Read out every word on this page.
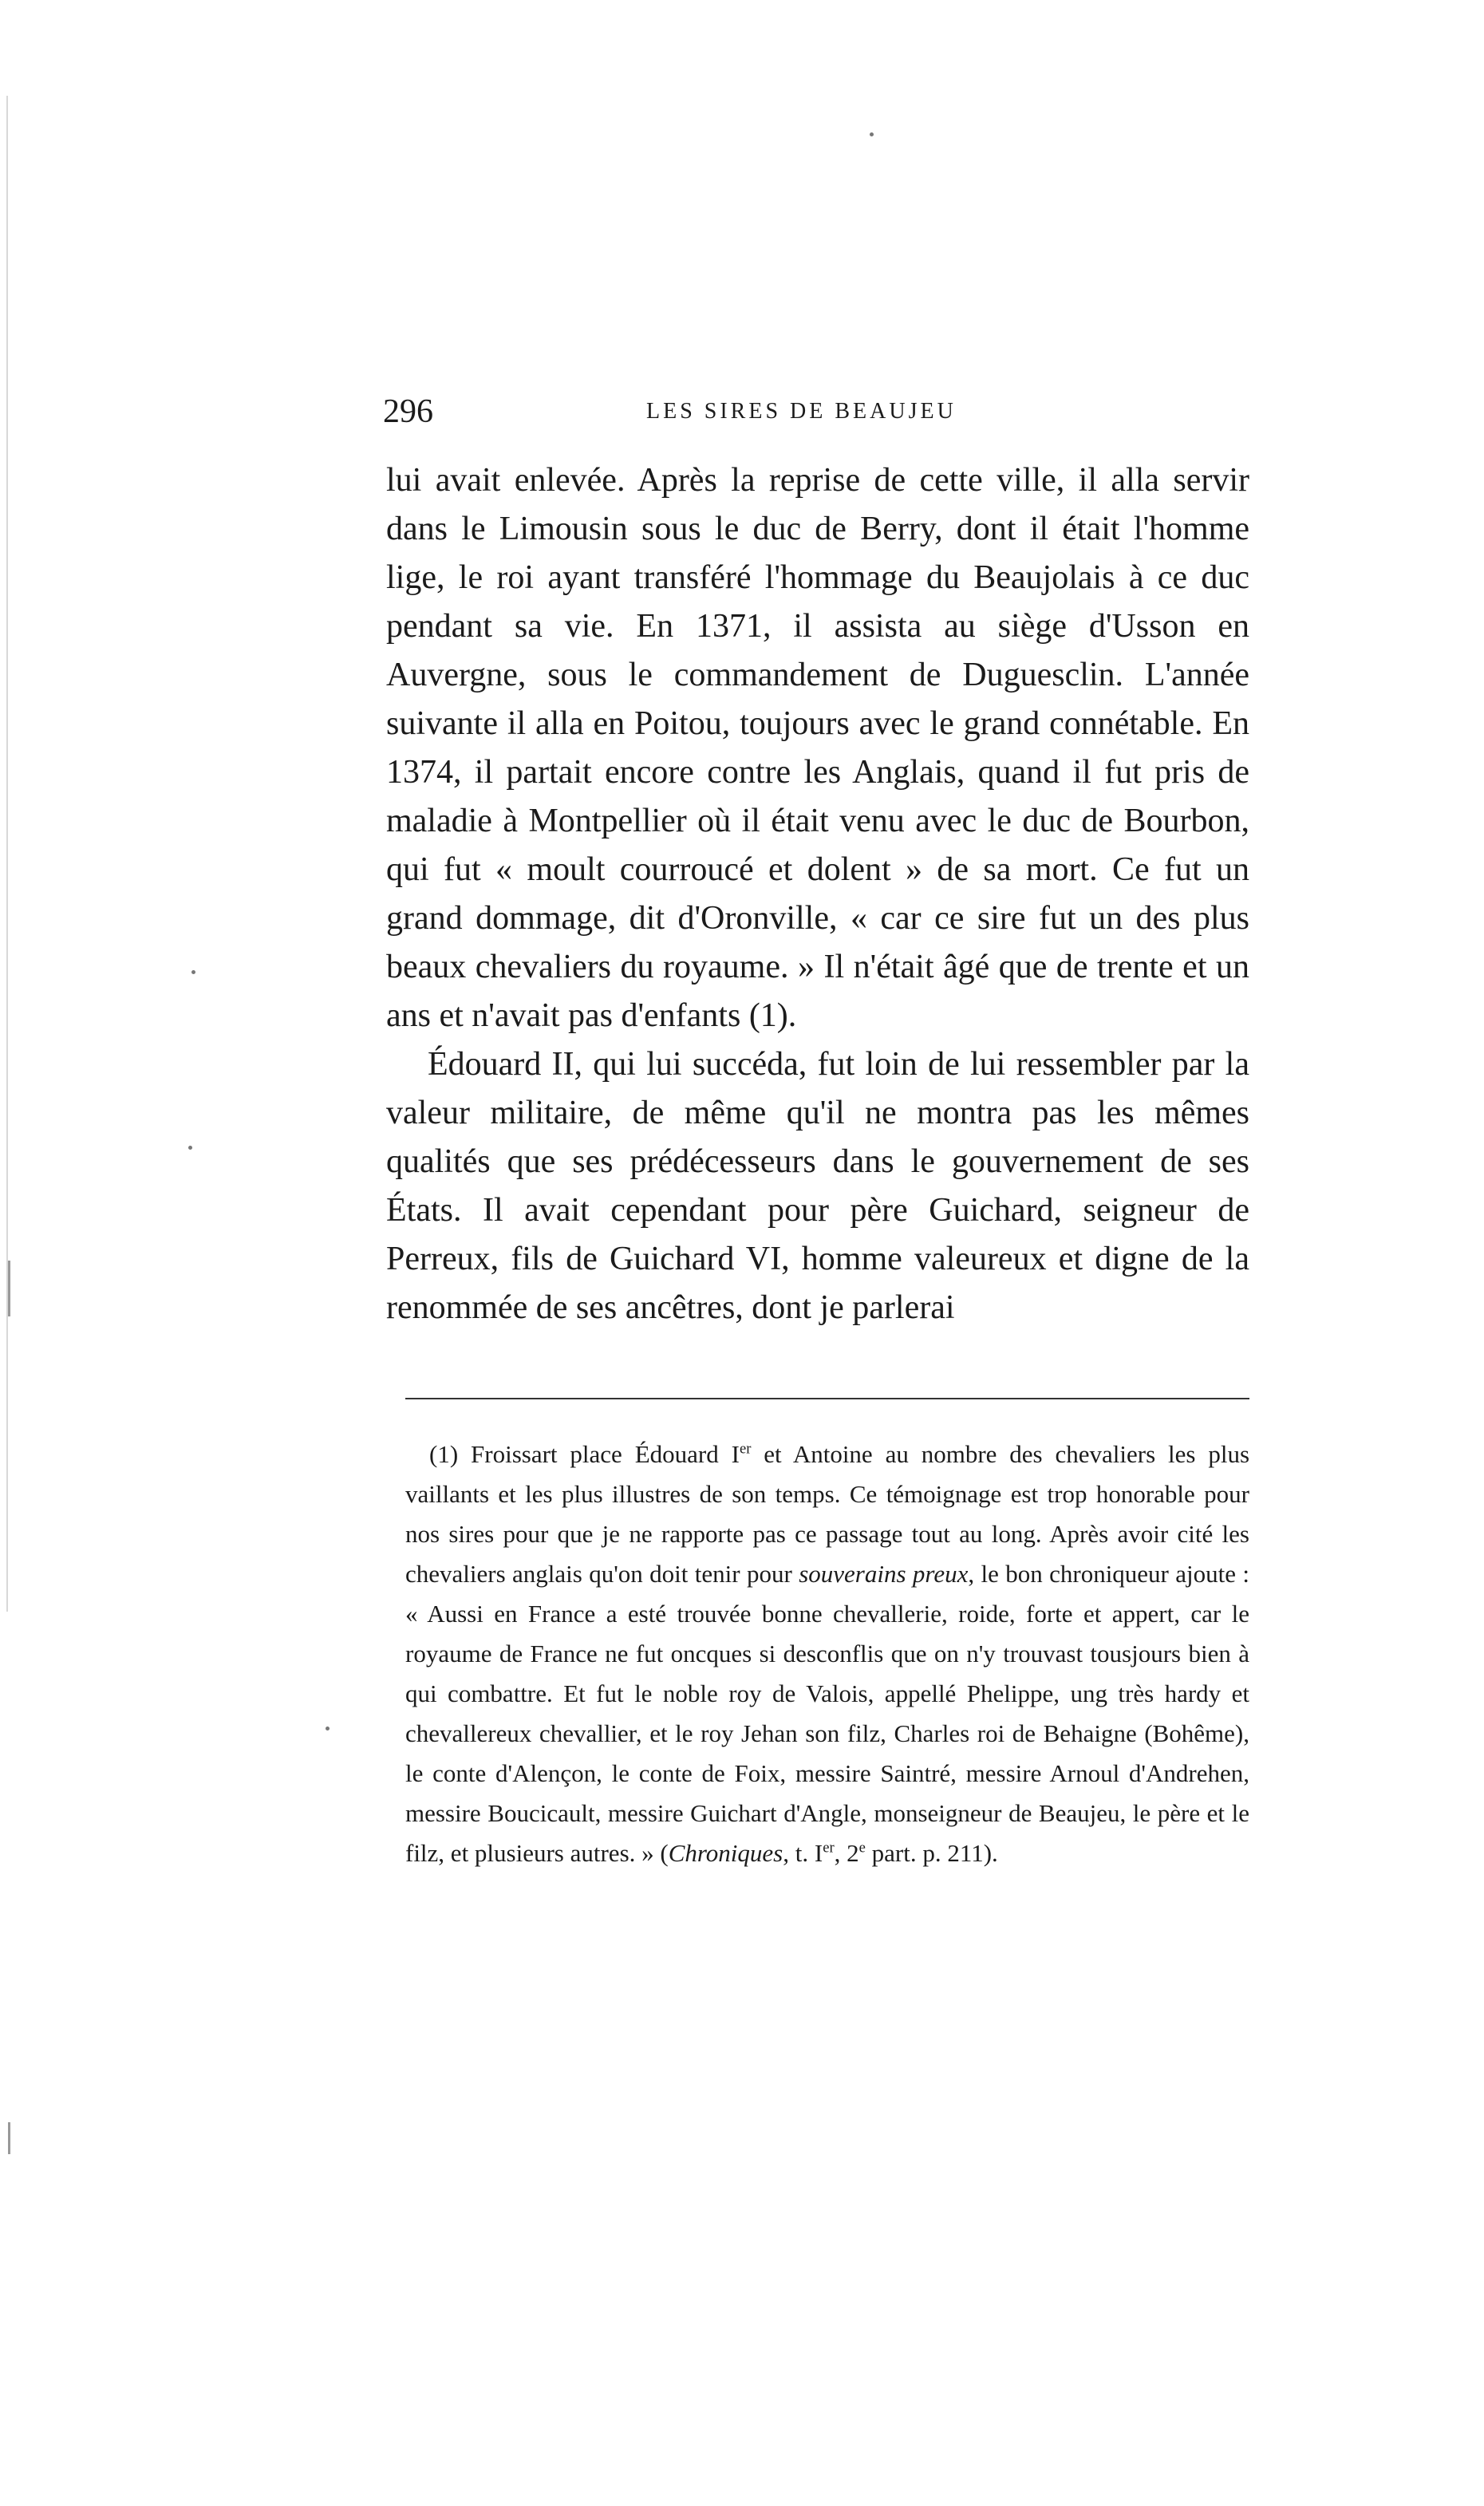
296	LES SIRES DE BEAUJEU

lui avait enlevée. Après la reprise de cette ville, il alla servir dans le Limousin sous le duc de Berry, dont il était l'homme lige, le roi ayant transféré l'hommage du Beaujolais à ce duc pendant sa vie. En 1371, il assista au siège d'Usson en Auvergne, sous le commandement de Duguesclin. L'année suivante il alla en Poitou, toujours avec le grand connétable. En 1374, il partait encore contre les Anglais, quand il fut pris de maladie à Montpellier où il était venu avec le duc de Bourbon, qui fut « moult courroucé et dolent » de sa mort. Ce fut un grand dommage, dit d'Oronville, « car ce sire fut un des plus beaux chevaliers du royaume. » Il n'était âgé que de trente et un ans et n'avait pas d'enfants (1).

Édouard II, qui lui succéda, fut loin de lui ressembler par la valeur militaire, de même qu'il ne montra pas les mêmes qualités que ses prédécesseurs dans le gouvernement de ses États. Il avait cependant pour père Guichard, seigneur de Perreux, fils de Guichard VI, homme valeureux et digne de la renommée de ses ancêtres, dont je parlerai

(1) Froissart place Édouard Ier et Antoine au nombre des chevaliers les plus vaillants et les plus illustres de son temps. Ce témoignage est trop honorable pour nos sires pour que je ne rapporte pas ce passage tout au long. Après avoir cité les chevaliers anglais qu'on doit tenir pour souverains preux, le bon chroniqueur ajoute : « Aussi en France a esté trouvée bonne chevallerie, roide, forte et appert, car le royaume de France ne fut oncques si desconflis que on n'y trouvast tousjours bien à qui combattre. Et fut le noble roy de Valois, appellé Phelippe, ung très hardy et chevallereux chevallier, et le roy Jehan son filz, Charles roi de Behaigne (Bohême), le conte d'Alençon, le conte de Foix, messire Saintré, messire Arnoul d'Andrehen, messire Boucicault, messire Guichart d'Angle, monseigneur de Beaujeu, le père et le filz, et plusieurs autres. » (Chroniques, t. Ier, 2e part. p. 211).
